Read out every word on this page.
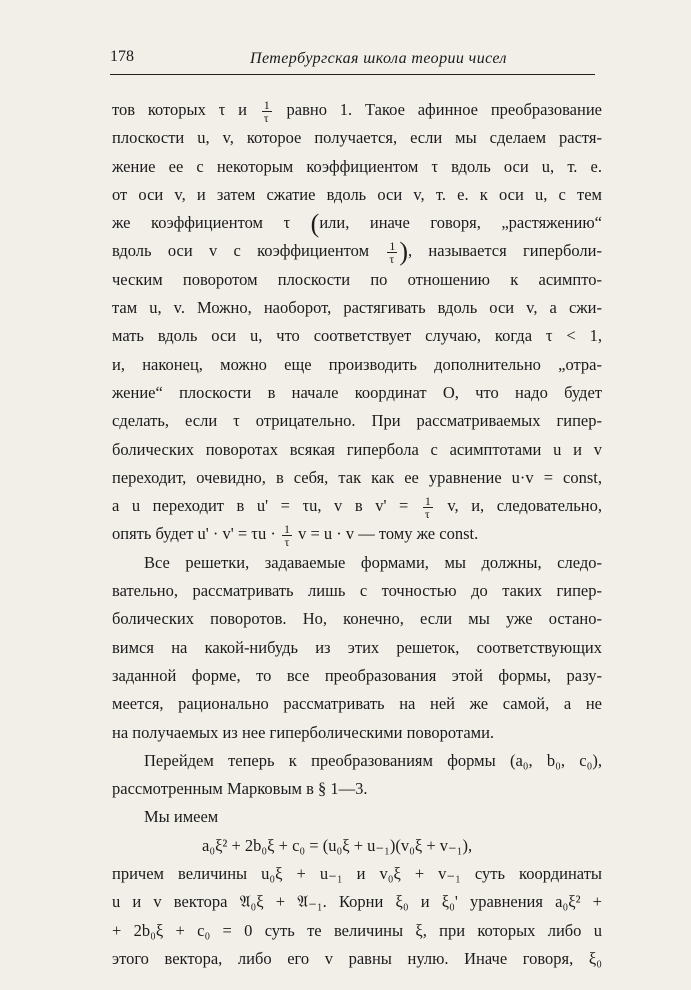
178	Петербургская школа теории чисел
тов которых τ и $\frac{1}{\tau}$ равно 1. Такое афинное преобразование
плоскости u, v, которое получается, если мы сделаем растя-
жение ее с некоторым коэффициентом τ вдоль оси u, т. е.
от оси v, и затем сжатие вдоль оси v, т. е. к оси u, с тем
же коэффициентом τ (или, иначе говоря, „растяжению“
вдоль оси v с коэффициентом $\frac{1}{\tau}$ ), называется гиперболи-
ческим поворотом плоскости по отношению к асимпто-
там u, v. Можно, наоборот, растягивать вдоль оси v, а сжи-
мать вдоль оси u, что соответствует случаю, когда τ < 1,
и, наконец, можно еще производить дополнительно „отра-
жение“ плоскости в начале координат O, что надо будет
сделать, если τ отрицательно. При рассматриваемых гипер-
болических поворотах всякая гипербола с асимптотами u и v
переходит, очевидно, в себя, так как ее уравнение u·v = const,
а u переходит в u' = τu, v в $v' = \frac{1}{\tau} v$, и, следовательно,
опять будет $u' \cdot v' = \tau u \cdot \frac{1}{\tau}$ v = u · v — тому же const.
Все решетки, задаваемые формами, мы должны, следо-
вательно, рассматривать лишь с точностью до таких гипер-
болических поворотов. Но, конечно, если мы уже остано-
вимся на какой-нибудь из этих решеток, соответствующих
заданной форме, то все преобразования этой формы, разу-
меется, рационально рассматривать на ней же самой, а не
на получаемых из нее гиперболическими поворотами.
Перейдем теперь к преобразованиям формы (a₀, b₀, c₀),
рассмотренным Марковым в § 1—3.
Мы имеем
a₀ξ² + 2b₀ξ + c₀ = (u₀ξ + u₋₁)(v₀ξ + v₋₁),
причем величины u₀ξ + u₋₁ и v₀ξ + v₋₁ суть координаты
u и v вектора 𝔄₀ξ + 𝔄₋₁. Корни ξ₀ и ξ₀' уравнения a₀ξ² +
+ 2b₀ξ + c₀ = 0 суть те величины ξ, при которых либо u
этого вектора, либо его v равны нулю. Иначе говоря, ξ₀
